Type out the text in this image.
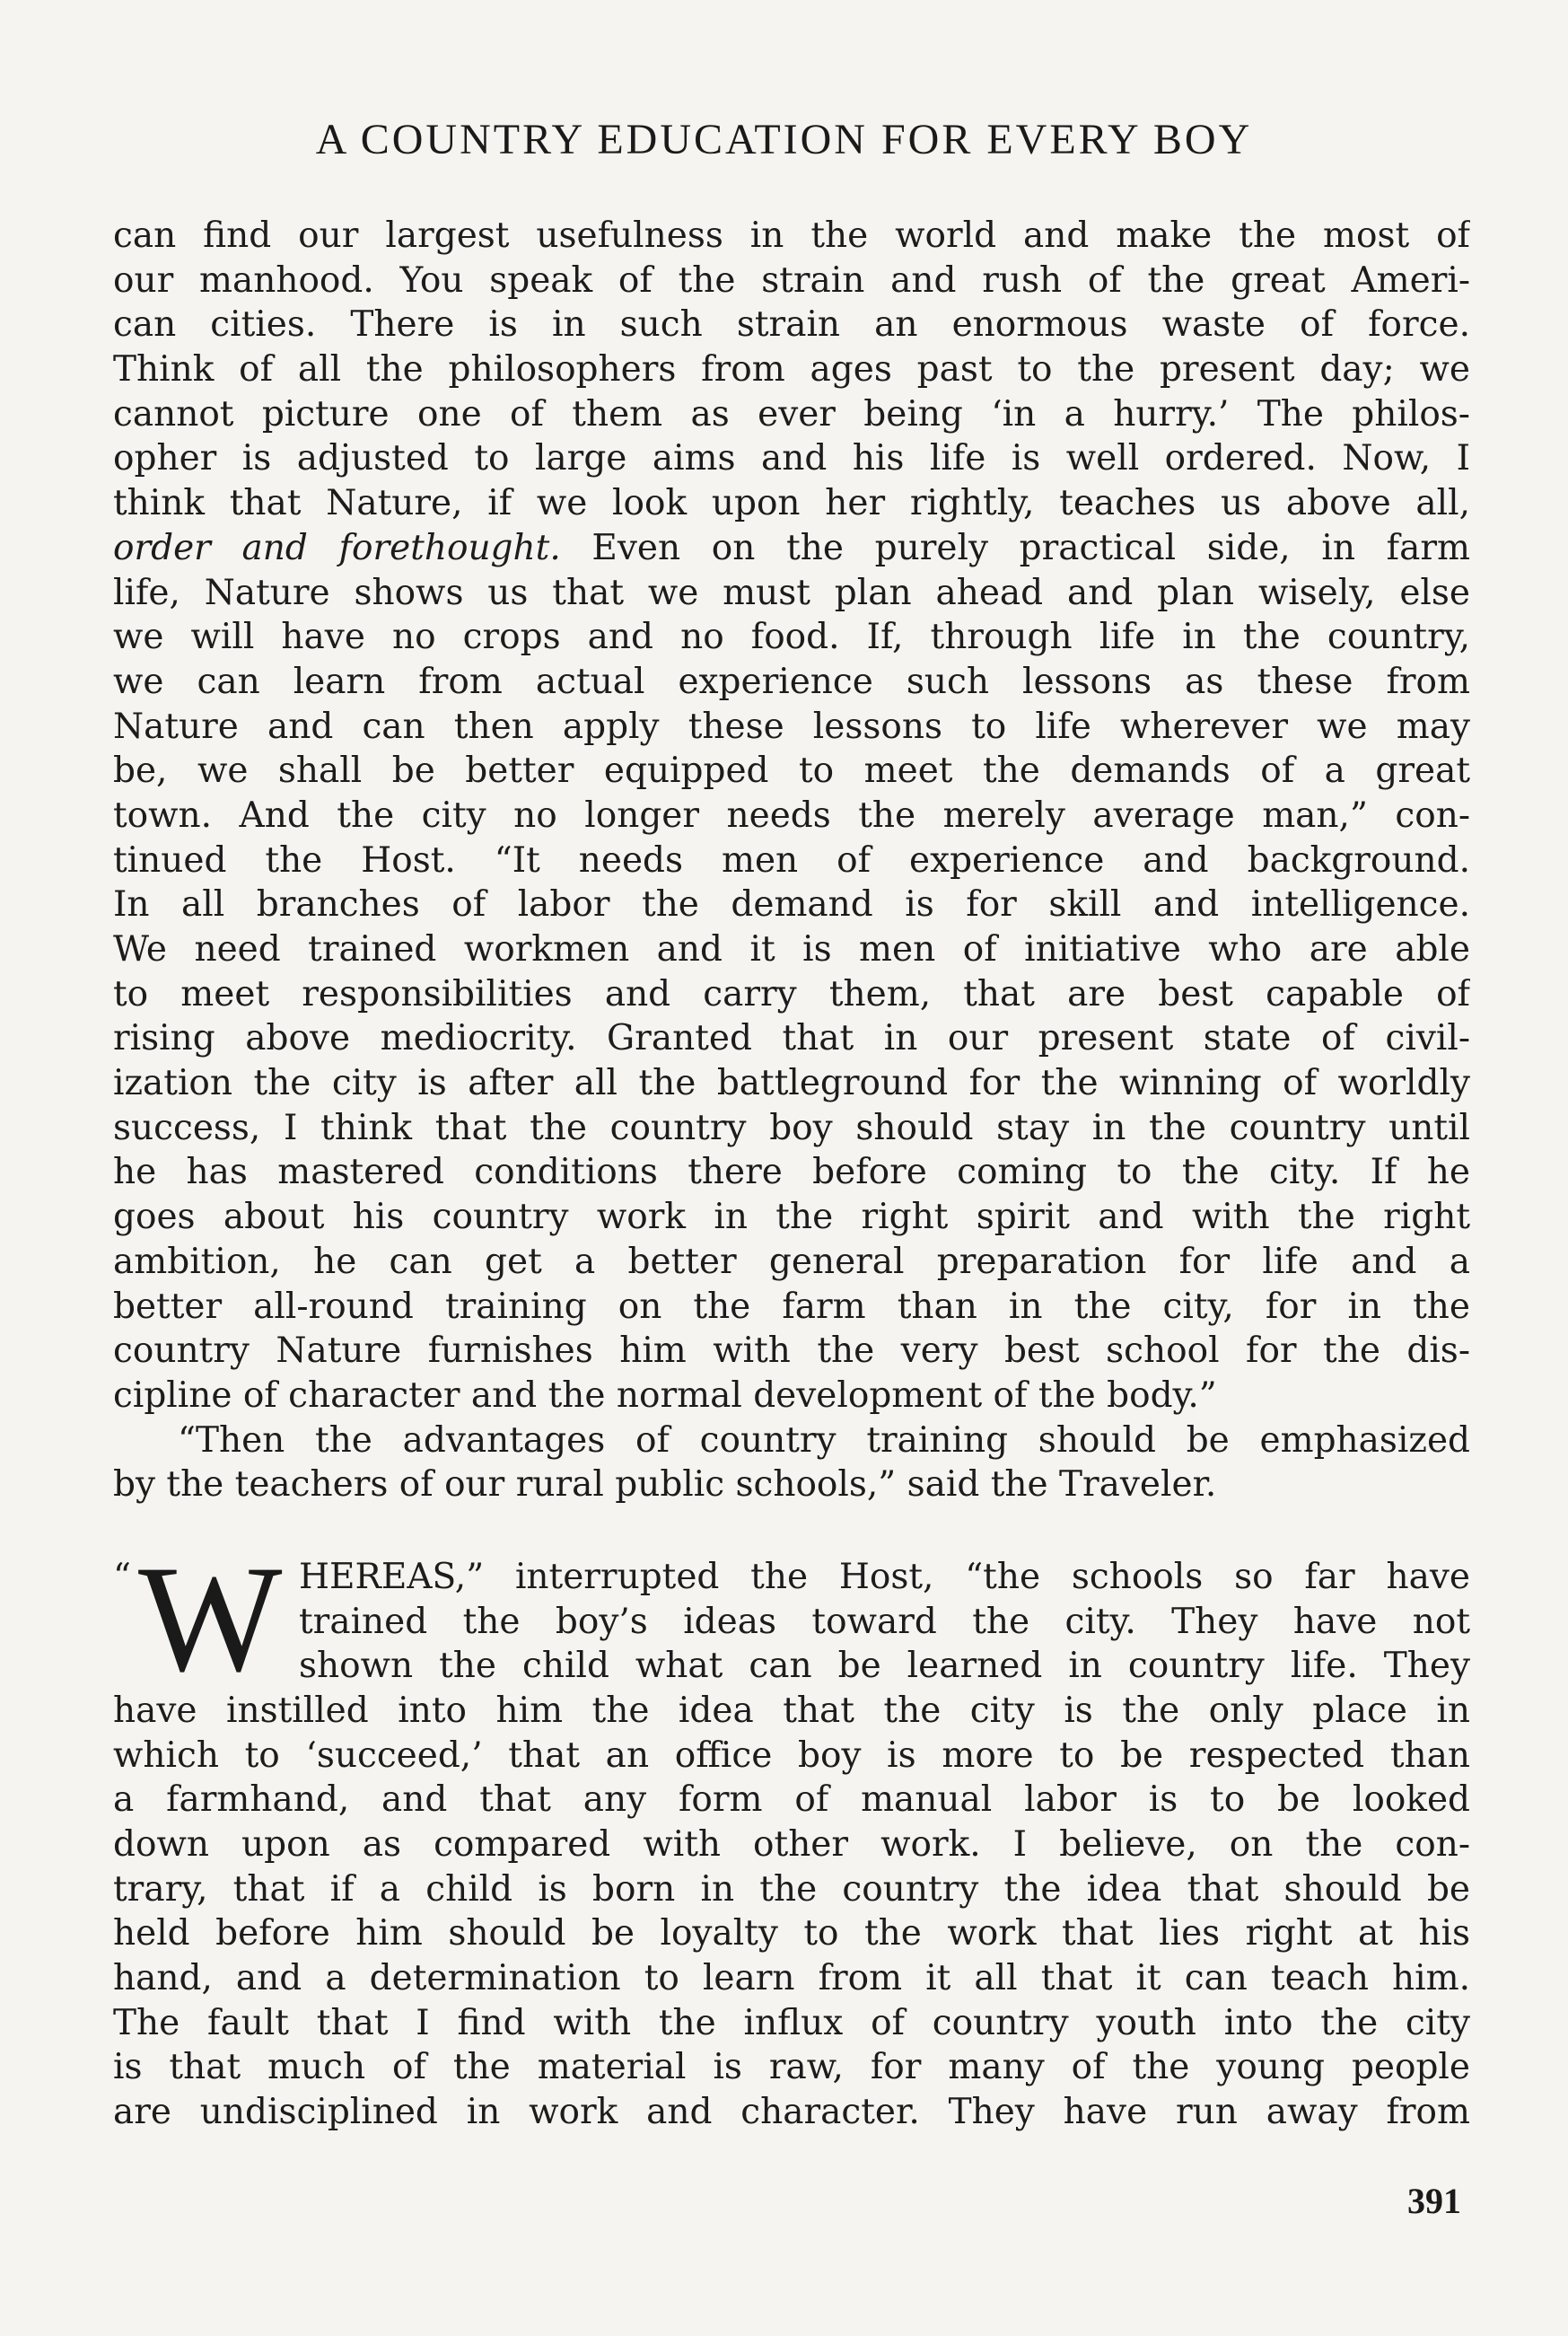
A COUNTRY EDUCATION FOR EVERY BOY
can find our largest usefulness in the world and make the most of
our manhood. You speak of the strain and rush of the great Ameri-
can cities. There is in such strain an enormous waste of force.
Think of all the philosophers from ages past to the present day; we
cannot picture one of them as ever being ‘in a hurry.’ The philos-
opher is adjusted to large aims and his life is well ordered. Now, I
think that Nature, if we look upon her rightly, teaches us above all,
order and forethought. Even on the purely practical side, in farm
life, Nature shows us that we must plan ahead and plan wisely, else
we will have no crops and no food. If, through life in the country,
we can learn from actual experience such lessons as these from
Nature and can then apply these lessons to life wherever we may
be, we shall be better equipped to meet the demands of a great
town. And the city no longer needs the merely average man,” con-
tinued the Host. “It needs men of experience and background.
In all branches of labor the demand is for skill and intelligence.
We need trained workmen and it is men of initiative who are able
to meet responsibilities and carry them, that are best capable of
rising above mediocrity. Granted that in our present state of civil-
ization the city is after all the battleground for the winning of worldly
success, I think that the country boy should stay in the country until
he has mastered conditions there before coming to the city. If he
goes about his country work in the right spirit and with the right
ambition, he can get a better general preparation for life and a
better all-round training on the farm than in the city, for in the
country Nature furnishes him with the very best school for the dis-
cipline of character and the normal development of the body.”
“Then the advantages of country training should be emphasized
by the teachers of our rural public schools,” said the Traveler.
“ W HEREAS,” interrupted the Host, “the schools so far have
trained the boy’s ideas toward the city. They have not
shown the child what can be learned in country life. They
have instilled into him the idea that the city is the only place in
which to ‘succeed,’ that an office boy is more to be respected than
a farmhand, and that any form of manual labor is to be looked
down upon as compared with other work. I believe, on the con-
trary, that if a child is born in the country the idea that should be
held before him should be loyalty to the work that lies right at his
hand, and a determination to learn from it all that it can teach him.
The fault that I find with the influx of country youth into the city
is that much of the material is raw, for many of the young people
are undisciplined in work and character. They have run away from
391
